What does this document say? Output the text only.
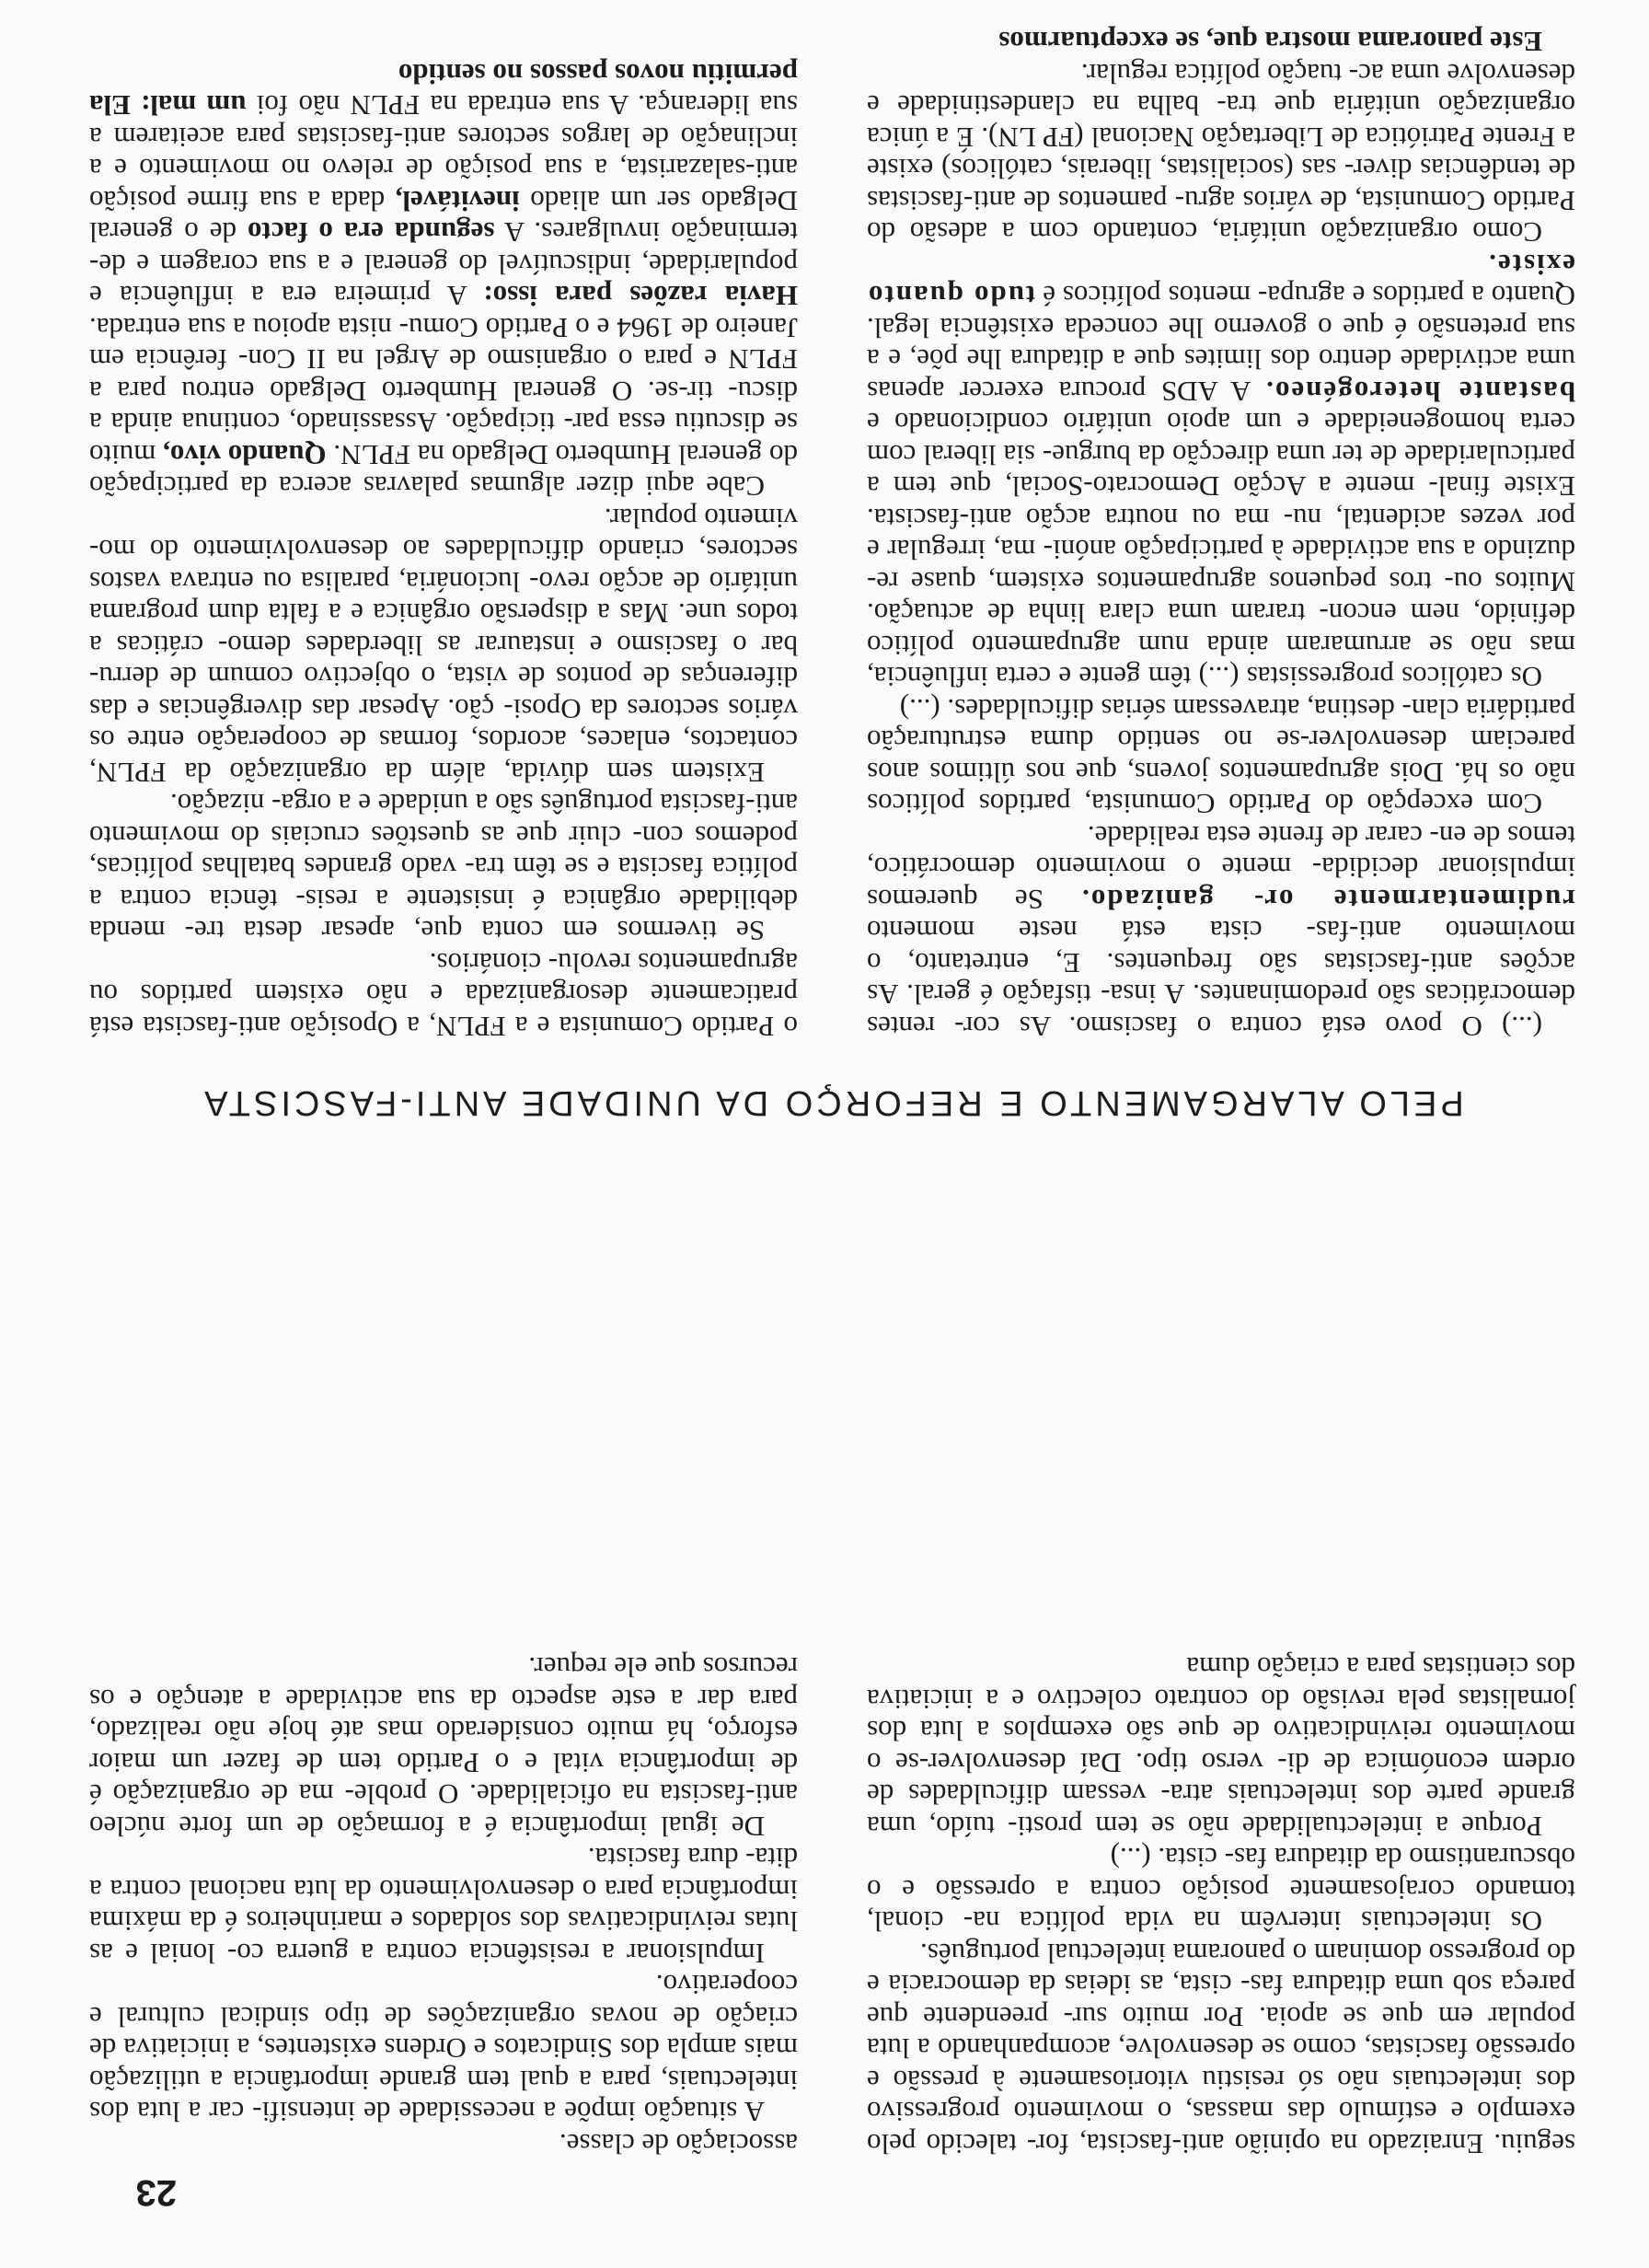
23

seguiu. Enraizado na opinião anti-fascista, for- talecido pelo exemplo e estímulo das massas, o movimento progressivo dos intelectuais não só resistiu vitoriosamente à pressão e opressão fascistas, como se desenvolve, acompanhando a luta popular em que se apoia. Por muito sur- preendente que pareça sob uma ditadura fas- cista, as ideias da democracia e do progresso dominam o panorama intelectual português.

Os intelectuais intervêm na vida política na- cional, tomando corajosamente posição contra a opressão e o obscurantismo da ditadura fas- cista. (...)

Porque a intelectualidade não se tem prosti- tuído, uma grande parte dos intelectuais atra- vessam dificuldades de ordem económica de di- verso tipo. Daí desenvolver-se o movimento reivindicativo de que são exemplos a luta dos jornalistas pela revisão do contrato colectivo e a iniciativa dos cientistas para a criação duma

associação de classe.

A situação impõe a necessidade de intensifi- car a luta dos intelectuais, para a qual tem grande importância a utilização mais ampla dos Sindicatos e Ordens existentes, a iniciativa de criação de novas organizações de tipo sindical cultural e cooperativo.

Impulsionar a resistência contra a guerra co- lonial e as lutas reivindicativas dos soldados e marinheiros é da máxima importância para o desenvolvimento da luta nacional contra a dita- dura fascista.

De igual importância é a formação de um forte núcleo anti-fascista na oficialidade. O proble- ma de organização é de importância vital e o Partido tem de fazer um maior esforço, há muito considerado mas até hoje não realizado, para dar a este aspecto da sua actividade a atenção e os recursos que ele requer.

PELO ALARGAMENTO E REFORÇO DA UNIDADE ANTI-FASCISTA

(...) O povo está contra o fascismo. As cor- rentes democráticas são predominantes. A insa- tisfação é geral. As acções anti-fascistas são frequentes. E, entretanto, o movimento anti-fas- cista está neste momento rudimentarmente or- ganizado. Se queremos impulsionar decidida- mente o movimento democrático, temos de en- carar de frente esta realidade.

Com excepção do Partido Comunista, partidos políticos não os há. Dois agrupamentos jovens, que nos últimos anos pareciam desenvolver-se no sentido duma estruturação partidária clan- destina, atravessam sérias dificuldades. (...)

Os católicos progressistas (...) têm gente e certa influência, mas não se arrumaram ainda num agrupamento político definido, nem encon- traram uma clara linha de actuação. Muitos ou- tros pequenos agrupamentos existem, quase re- duzindo a sua actividade à participação anóni- ma, irregular e por vezes acidental, nu- ma ou noutra acção anti-fascista. Existe final- mente a Acção Democrato-Social, que tem a particularidade de ter uma direcção da burgue- sia liberal com certa homogeneidade e um apoio unitário condicionado e bastante heterogéneo. A ADS procura exercer apenas uma actividade dentro dos limites que a ditadura lhe põe, e a sua pretensão é que o governo lhe conceda existência legal. Quanto a partidos e agrupa- mentos políticos é tudo quanto existe.

Como organização unitária, contando com a adesão do Partido Comunista, de vários agru- pamentos de anti-fascistas de tendências diver- sas (socialistas, liberais, católicos) existe a Frente Patriótica de Libertação Nacional (FP LN). É a única organização unitária que tra- balha na clandestinidade e desenvolve uma ac- tuação política regular.

Este panorama mostra que, se exceptuarmos

o Partido Comunista e a FPLN, a Oposição anti-fascista está praticamente desorganizada e não existem partidos ou agrupamentos revolu- cionários.

Se tivermos em conta que, apesar desta tre- menda debilidade orgânica é insistente a resis- tência contra a política fascista e se têm tra- vado grandes batalhas políticas, podemos con- cluir que as questões cruciais do movimento anti-fascista português são a unidade e a orga- nização.

Existem sem dúvida, além da organização da FPLN, contactos, enlaces, acordos, formas de cooperação entre os vários sectores da Oposi- ção. Apesar das divergências e das diferenças de pontos de vista, o objectivo comum de derru- bar o fascismo e instaurar as liberdades demo- cráticas a todos une. Mas a dispersão orgânica e a falta dum programa unitário de acção revo- lucionária, paralisa ou entrava vastos sectores, criando dificuldades ao desenvolvimento do mo- vimento popular.

Cabe aqui dizer algumas palavras acerca da participação do general Humberto Delgado na FPLN. Quando vivo, muito se discutiu essa par- ticipação. Assassinado, continua ainda a discu- tir-se. O general Humberto Delgado entrou para a FPLN e para o organismo de Argel na II Con- ferência em Janeiro de 1964 e o Partido Comu- nista apoiou a sua entrada. Havia razões para isso: A primeira era a influência e popularidade, indiscutível do general e a sua coragem e de- terminação invulgares. A segunda era o facto de o general Delgado ser um aliado inevitável, dada a sua firme posição anti-salazarista, a sua posição de relevo no movimento e a inclinação de largos sectores anti-fascistas para aceitarem a sua liderança. A sua entrada na FPLN não foi um mal: Ela permitiu novos passos no sentido
